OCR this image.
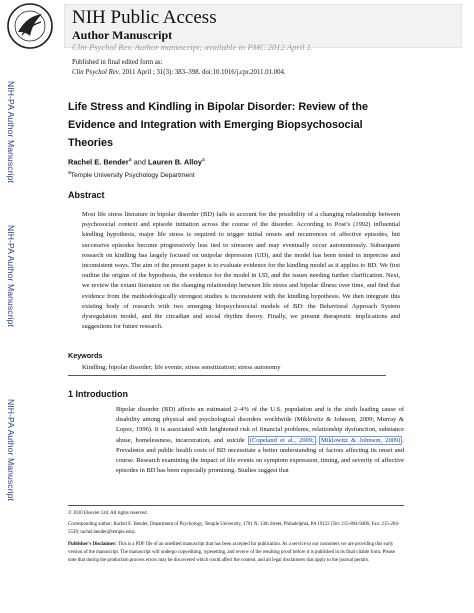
NIH Public Access
Author Manuscript
Clin Psychol Rev. Author manuscript; available in PMC 2012 April 1.
NIH-PA Author Manuscript
NIH-PA Author Manuscript
NIH-PA Author Manuscript
Published in final edited form as:
Clin Psychol Rev. 2011 April ; 31(3): 383–398. doi:10.1016/j.cpr.2011.01.004.
Life Stress and Kindling in Bipolar Disorder: Review of the Evidence and Integration with Emerging Biopsychosocial Theories
Rachel E. Bender$^a$ and Lauren B. Alloy$^a$
$^a$Temple University Psychology Department
Abstract
Most life stress literature in bipolar disorder (BD) fails to account for the possibility of a changing relationship between psychosocial context and episode initiation across the course of the disorder. According to Post’s (1992) influential kindling hypothesis, major life stress is required to trigger initial onsets and recurrences of affective episodes, but successive episodes become progressively less tied to stressors and may eventually occur autonomously. Subsequent research on kindling has largely focused on unipolar depression (UD), and the model has been tested in imprecise and inconsistent ways. The aim of the present paper is to evaluate evidence for the kindling model as it applies to BD. We first outline the origins of the hypothesis, the evidence for the model in UD, and the issues needing further clarification. Next, we review the extant literature on the changing relationship between life stress and bipolar illness over time, and find that evidence from the methodologically strongest studies is inconsistent with the kindling hypothesis. We then integrate this existing body of research with two emerging biopsychosocial models of BD: the Behavioral Approach System dysregulation model, and the circadian and social rhythm theory. Finally, we present therapeutic implications and suggestions for future research.
Keywords
Kindling; bipolar disorder; life events; stress sensitization; stress autonomy
1 Introduction
Bipolar disorder (BD) affects an estimated 2–4% of the U.S. population and is the sixth leading cause of disability among physical and psychological disorders worldwide (Miklowitz & Johnson, 2009; Murray & Lopez, 1996). It is associated with heightened risk of financial problems, relationship dysfunction, substance abuse, homelessness, incarceration, and suicide (Copeland et al., 2009; Miklowitz & Johnson, 2009) . Prevalence and public health costs of BD necessitate a better understanding of factors affecting its onset and course. Research examining the impact of life events on symptom expression, timing, and severity of affective episodes in BD has been especially promising. Studies suggest that

© 2010 Elsevier Ltd. All rights reserved.

Corresponding author: Rachel E. Bender, Department of Psychology, Temple University, 1701 N. 13th Street, Philadelphia, PA 19122 (Tel: 215-804-9406; Fax: 215-204-5539; rachel.bender@temple.edu).

Publisher's Disclaimer: This is a PDF file of an unedited manuscript that has been accepted for publication. As a service to our customers we are providing this early version of the manuscript. The manuscript will undergo copyediting, typesetting, and review of the resulting proof before it is published in its final citable form. Please note that during the production process errors may be discovered which could affect the content, and all legal disclaimers that apply to the journal pertain.
